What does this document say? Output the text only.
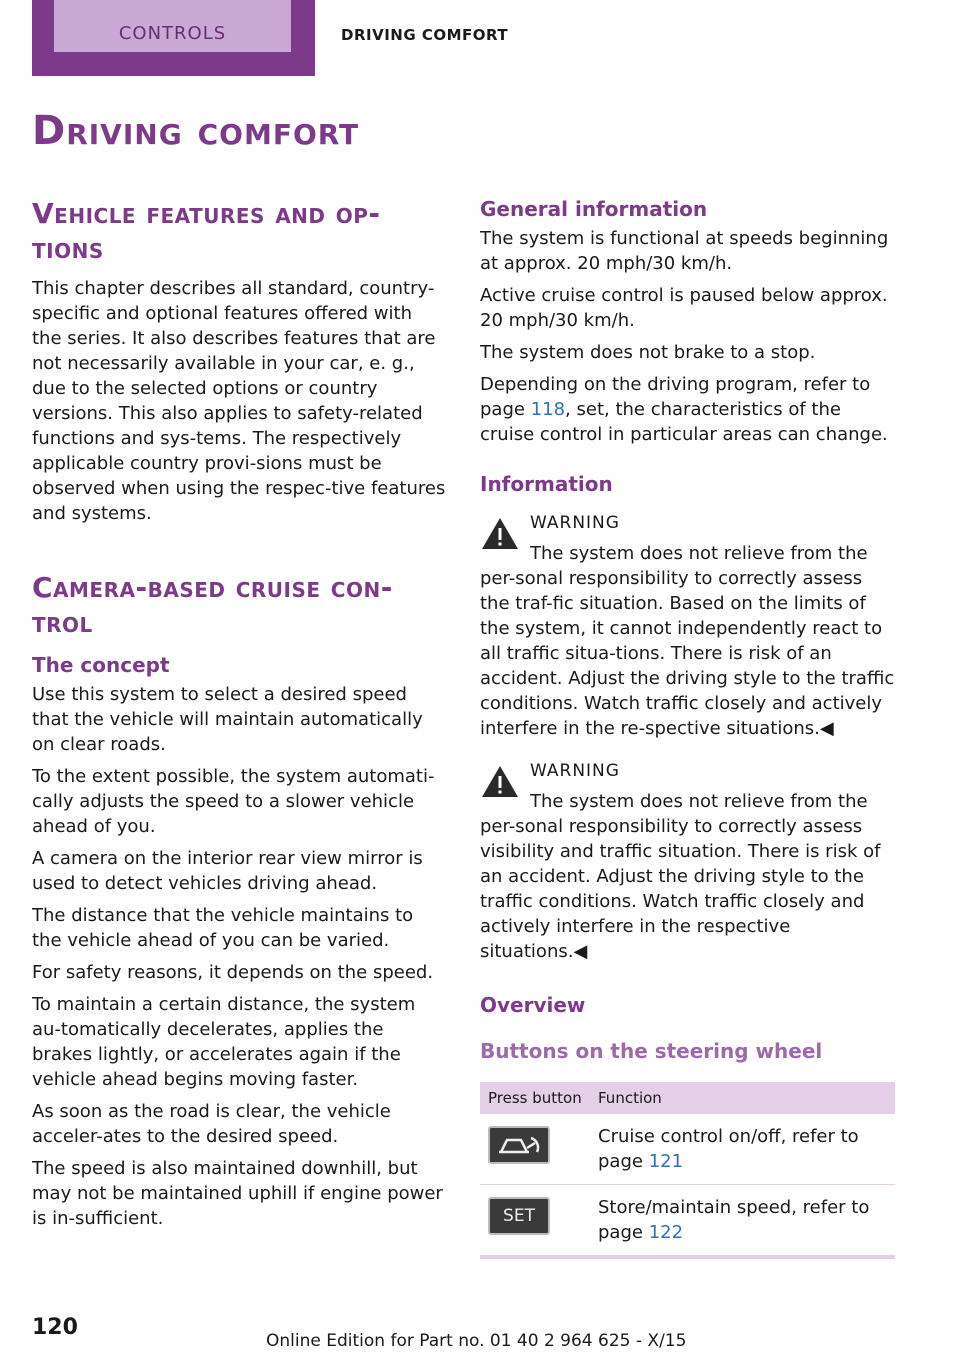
CONTROLS	DRIVING COMFORT
Driving comfort
Vehicle features and op-tions

This chapter describes all standard, country-specific and optional features offered with the series. It also describes features that are not necessarily available in your car, e. g., due to the selected options or country versions. This also applies to safety-related functions and sys-tems. The respectively applicable country provi-sions must be observed when using the respec-tive features and systems.

Camera-based cruise con-trol
The concept

Use this system to select a desired speed that the vehicle will maintain automatically on clear roads.

To the extent possible, the system automati-cally adjusts the speed to a slower vehicle ahead of you.

A camera on the interior rear view mirror is used to detect vehicles driving ahead.

The distance that the vehicle maintains to the vehicle ahead of you can be varied.

For safety reasons, it depends on the speed.

To maintain a certain distance, the system au-tomatically decelerates, applies the brakes lightly, or accelerates again if the vehicle ahead begins moving faster.

As soon as the road is clear, the vehicle acceler-ates to the desired speed.

The speed is also maintained downhill, but may not be maintained uphill if engine power is in-sufficient.

General information

The system is functional at speeds beginning at approx. 20 mph/30 km/h.

Active cruise control is paused below approx. 20 mph/30 km/h.

The system does not brake to a stop.

Depending on the driving program, refer to page 118, set, the characteristics of the cruise control in particular areas can change.

Information
WARNING

The system does not relieve from the per-sonal responsibility to correctly assess the traf-fic situation. Based on the limits of the system, it cannot independently react to all traffic situa-tions. There is risk of an accident. Adjust the driving style to the traffic conditions. Watch traffic closely and actively interfere in the re-spective situations.◀

WARNING

The system does not relieve from the per-sonal responsibility to correctly assess visibility and traffic situation. There is risk of an accident. Adjust the driving style to the traffic conditions. Watch traffic closely and actively interfere in the respective situations.◀

Overview
Buttons on the steering wheel
Press button	Function

	Cruise control on/off, refer to page 121

SET	Store/maintain speed, refer to page 122
120
Online Edition for Part no. 01 40 2 964 625 - X/15
